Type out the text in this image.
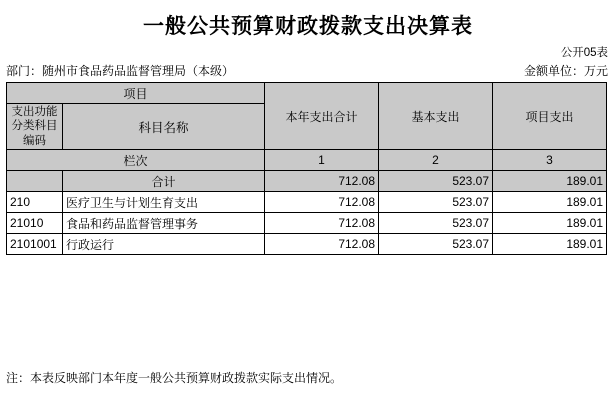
一般公共预算财政拨款支出决算表
公开05表
部门：随州市食品药品监督管理局（本级）	金额单位：万元
项目		本年支出合计	基本支出	项目支出

支出功能分类科目编码	科目名称			

栏次		1	2	3
	合计	712.08	523.07	189.01
210	医疗卫生与计划生育支出	712.08	523.07	189.01
21010	食品和药品监督管理事务	712.08	523.07	189.01
2101001	行政运行	712.08	523.07	189.01
注：本表反映部门本年度一般公共预算财政拨款实际支出情况。
